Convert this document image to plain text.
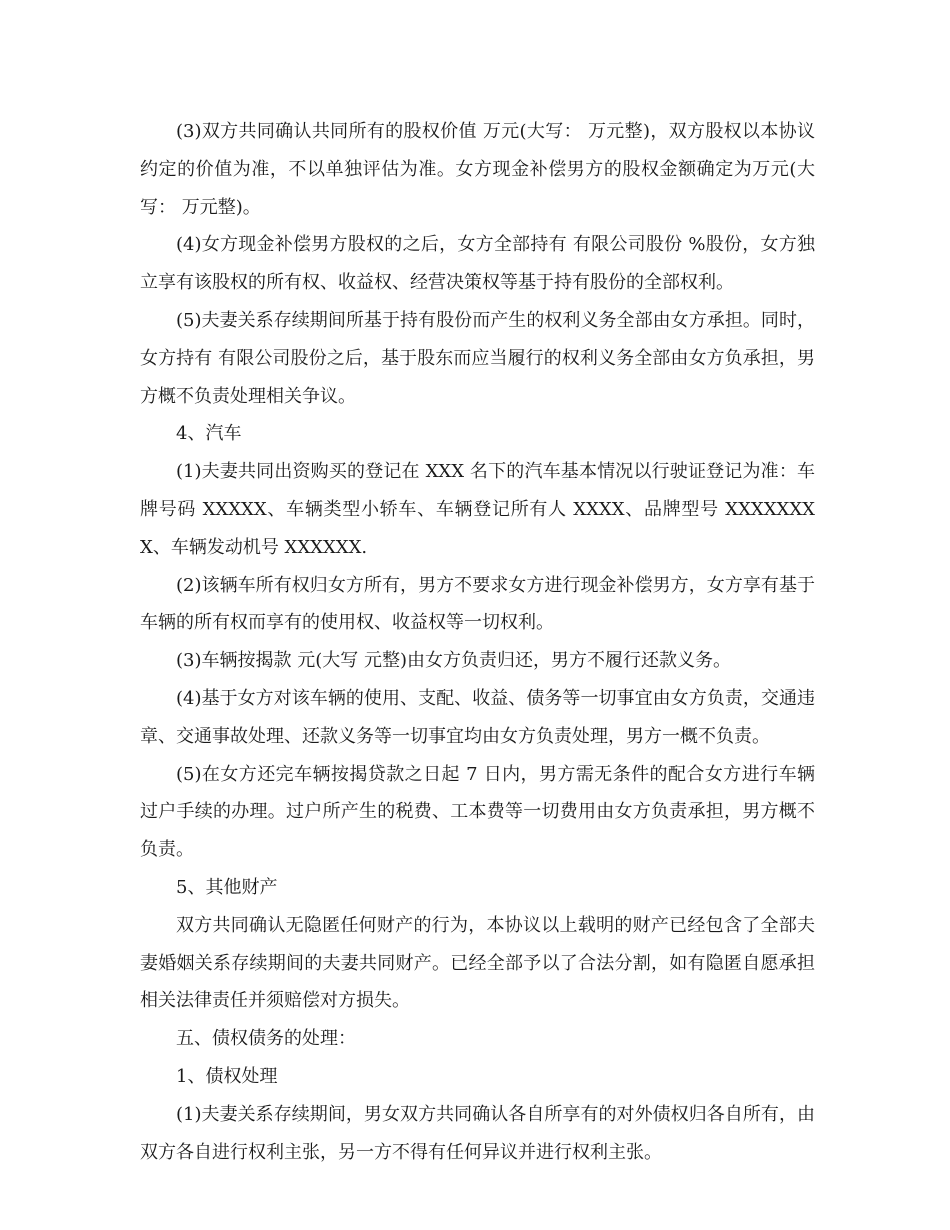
(3)双方共同确认共同所有的股权价值 万元(大写： 万元整)，双方股权以本协议约定的价值为准，不以单独评估为准。女方现金补偿男方的股权金额确定为万元(大写： 万元整)。

(4)女方现金补偿男方股权的之后，女方全部持有 有限公司股份 %股份，女方独立享有该股权的所有权、收益权、经营决策权等基于持有股份的全部权利。

(5)夫妻关系存续期间所基于持有股份而产生的权利义务全部由女方承担。同时，女方持有 有限公司股份之后，基于股东而应当履行的权利义务全部由女方负承担，男方概不负责处理相关争议。

4、汽车

(1)夫妻共同出资购买的登记在 XXX 名下的汽车基本情况以行驶证登记为准：车牌号码 XXXXX、车辆类型小轿车、车辆登记所有人 XXXX、品牌型号 XXXXXXXX、车辆发动机号 XXXXXX.

(2)该辆车所有权归女方所有，男方不要求女方进行现金补偿男方，女方享有基于车辆的所有权而享有的使用权、收益权等一切权利。

(3)车辆按揭款 元(大写 元整)由女方负责归还，男方不履行还款义务。

(4)基于女方对该车辆的使用、支配、收益、债务等一切事宜由女方负责，交通违章、交通事故处理、还款义务等一切事宜均由女方负责处理，男方一概不负责。

(5)在女方还完车辆按揭贷款之日起 7 日内，男方需无条件的配合女方进行车辆过户手续的办理。过户所产生的税费、工本费等一切费用由女方负责承担，男方概不负责。

5、其他财产

双方共同确认无隐匿任何财产的行为，本协议以上载明的财产已经包含了全部夫妻婚姻关系存续期间的夫妻共同财产。已经全部予以了合法分割，如有隐匿自愿承担相关法律责任并须赔偿对方损失。

五、债权债务的处理：

1、债权处理

(1)夫妻关系存续期间，男女双方共同确认各自所享有的对外债权归各自所有，由双方各自进行权利主张，另一方不得有任何异议并进行权利主张。
